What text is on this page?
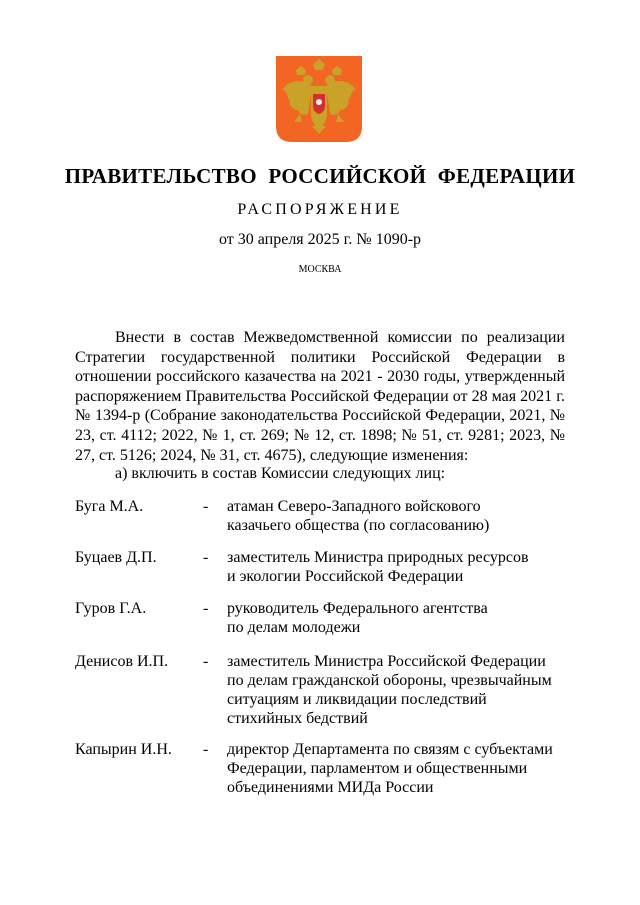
ПРАВИТЕЛЬСТВО РОССИЙСКОЙ ФЕДЕРАЦИИ
РАСПОРЯЖЕНИЕ
от 30 апреля 2025 г. № 1090-р
МОСКВА

Внести в состав Межведомственной комиссии по реализации Стратегии государственной политики Российской Федерации в отношении российского казачества на 2021 - 2030 годы, утвержденный распоряжением Правительства Российской Федерации от 28 мая 2021 г. № 1394-р (Собрание законодательства Российской Федерации, 2021, № 23, ст. 4112; 2022, № 1, ст. 269; № 12, ст. 1898; № 51, ст. 9281; 2023, № 27, ст. 5126; 2024, № 31, ст. 4675), следующие изменения:

а) включить в состав Комиссии следующих лиц:
Буга М.А.	- атаман Северо-Западного войскового
казачьего общества (по согласованию)
Буцаев Д.П.	- заместитель Министра природных ресурсов
и экологии Российской Федерации
Гуров Г.А.	- руководитель Федерального агентства
по делам молодежи
Денисов И.П. - заместитель Министра Российской Федерации
по делам гражданской обороны, чрезвычайным
ситуациям и ликвидации последствий
стихийных бедствий
Капырин И.Н. - директор Департамента по связям с субъектами
Федерации, парламентом и общественными
объединениями МИДа России
